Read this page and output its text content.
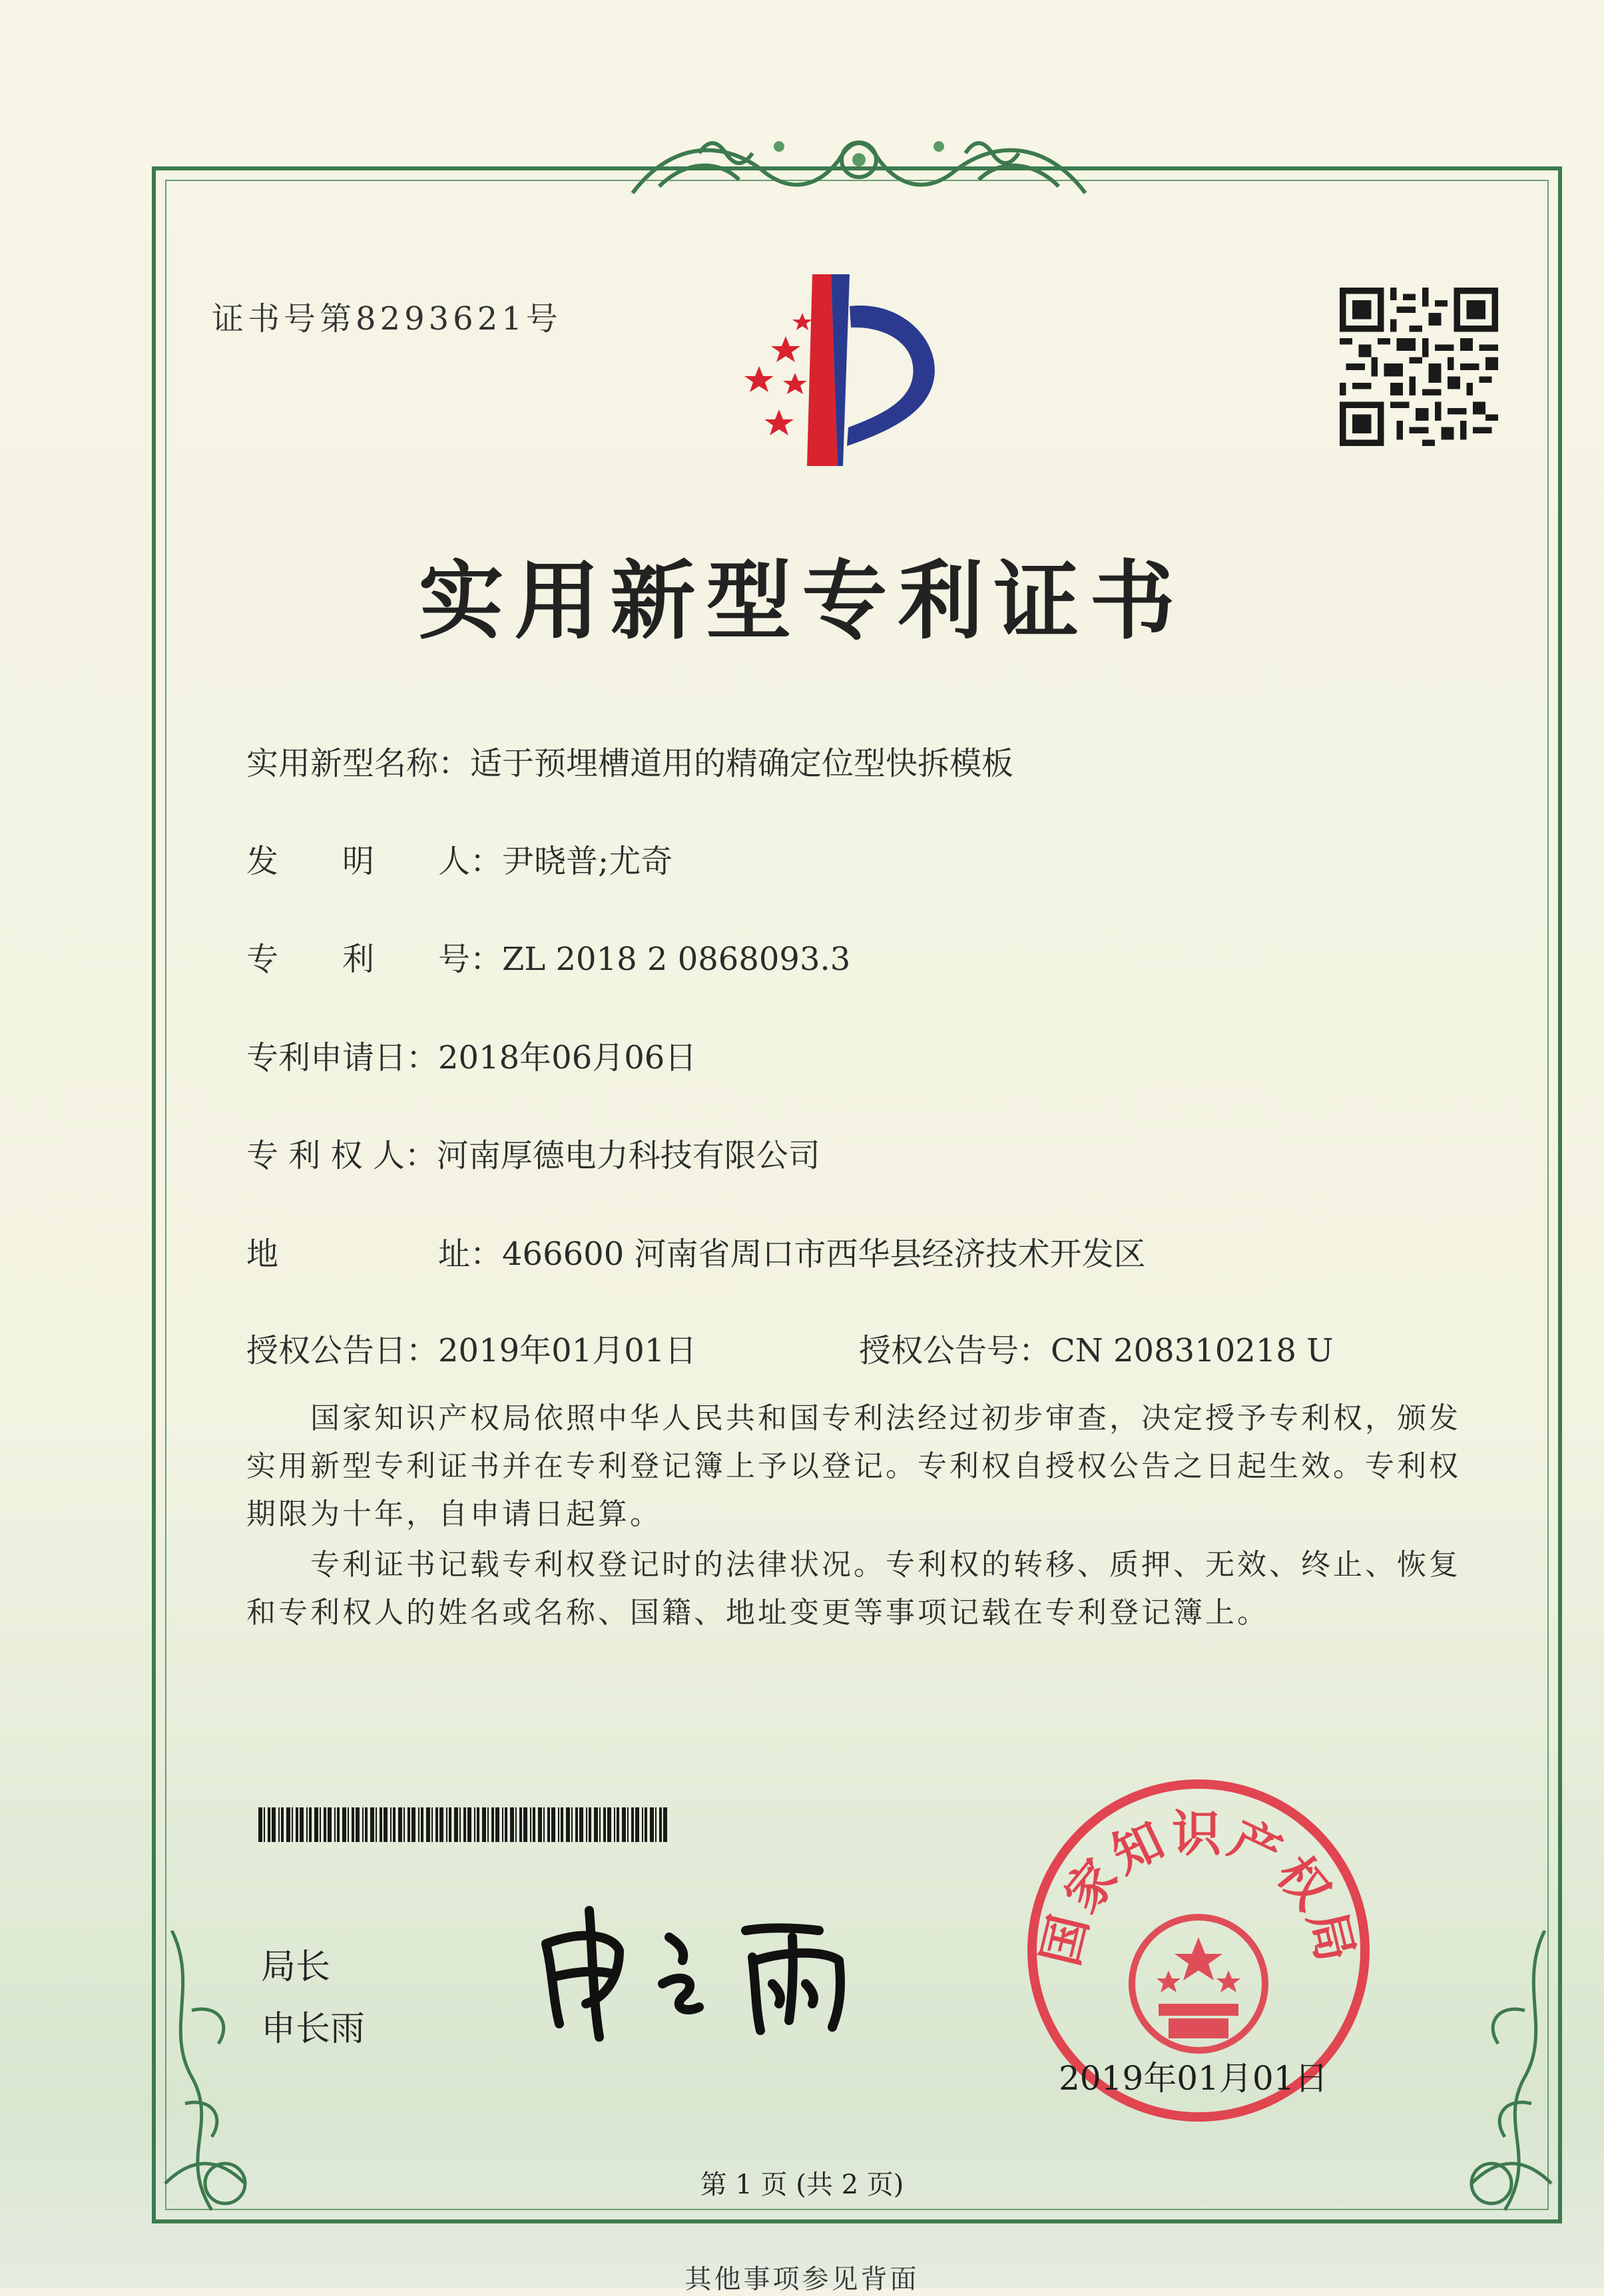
证书号第8293621号
实用新型专利证书
实用新型名称：适于预埋槽道用的精确定位型快拆模板
发　　明　　人：尹晓普;尤奇
专　　利　　号：ZL 2018 2 0868093.3
专利申请日：2018年06月06日
专 利 权 人：河南厚德电力科技有限公司
地　　　　　址：466600 河南省周口市西华县经济技术开发区
授权公告日：2019年01月01日	授权公告号：CN 208310218 U
国家知识产权局依照中华人民共和国专利法经过初步审查，决定授予专利权，颁发实用新型专利证书并在专利登记簿上予以登记。专利权自授权公告之日起生效。专利权期限为十年，自申请日起算。
专利证书记载专利权登记时的法律状况。专利权的转移、质押、无效、终止、恢复和专利权人的姓名或名称、国籍、地址变更等事项记载在专利登记簿上。
局长
申长雨
国家知识产权局
2019年01月01日
第 1 页 (共 2 页)
其他事项参见背面
